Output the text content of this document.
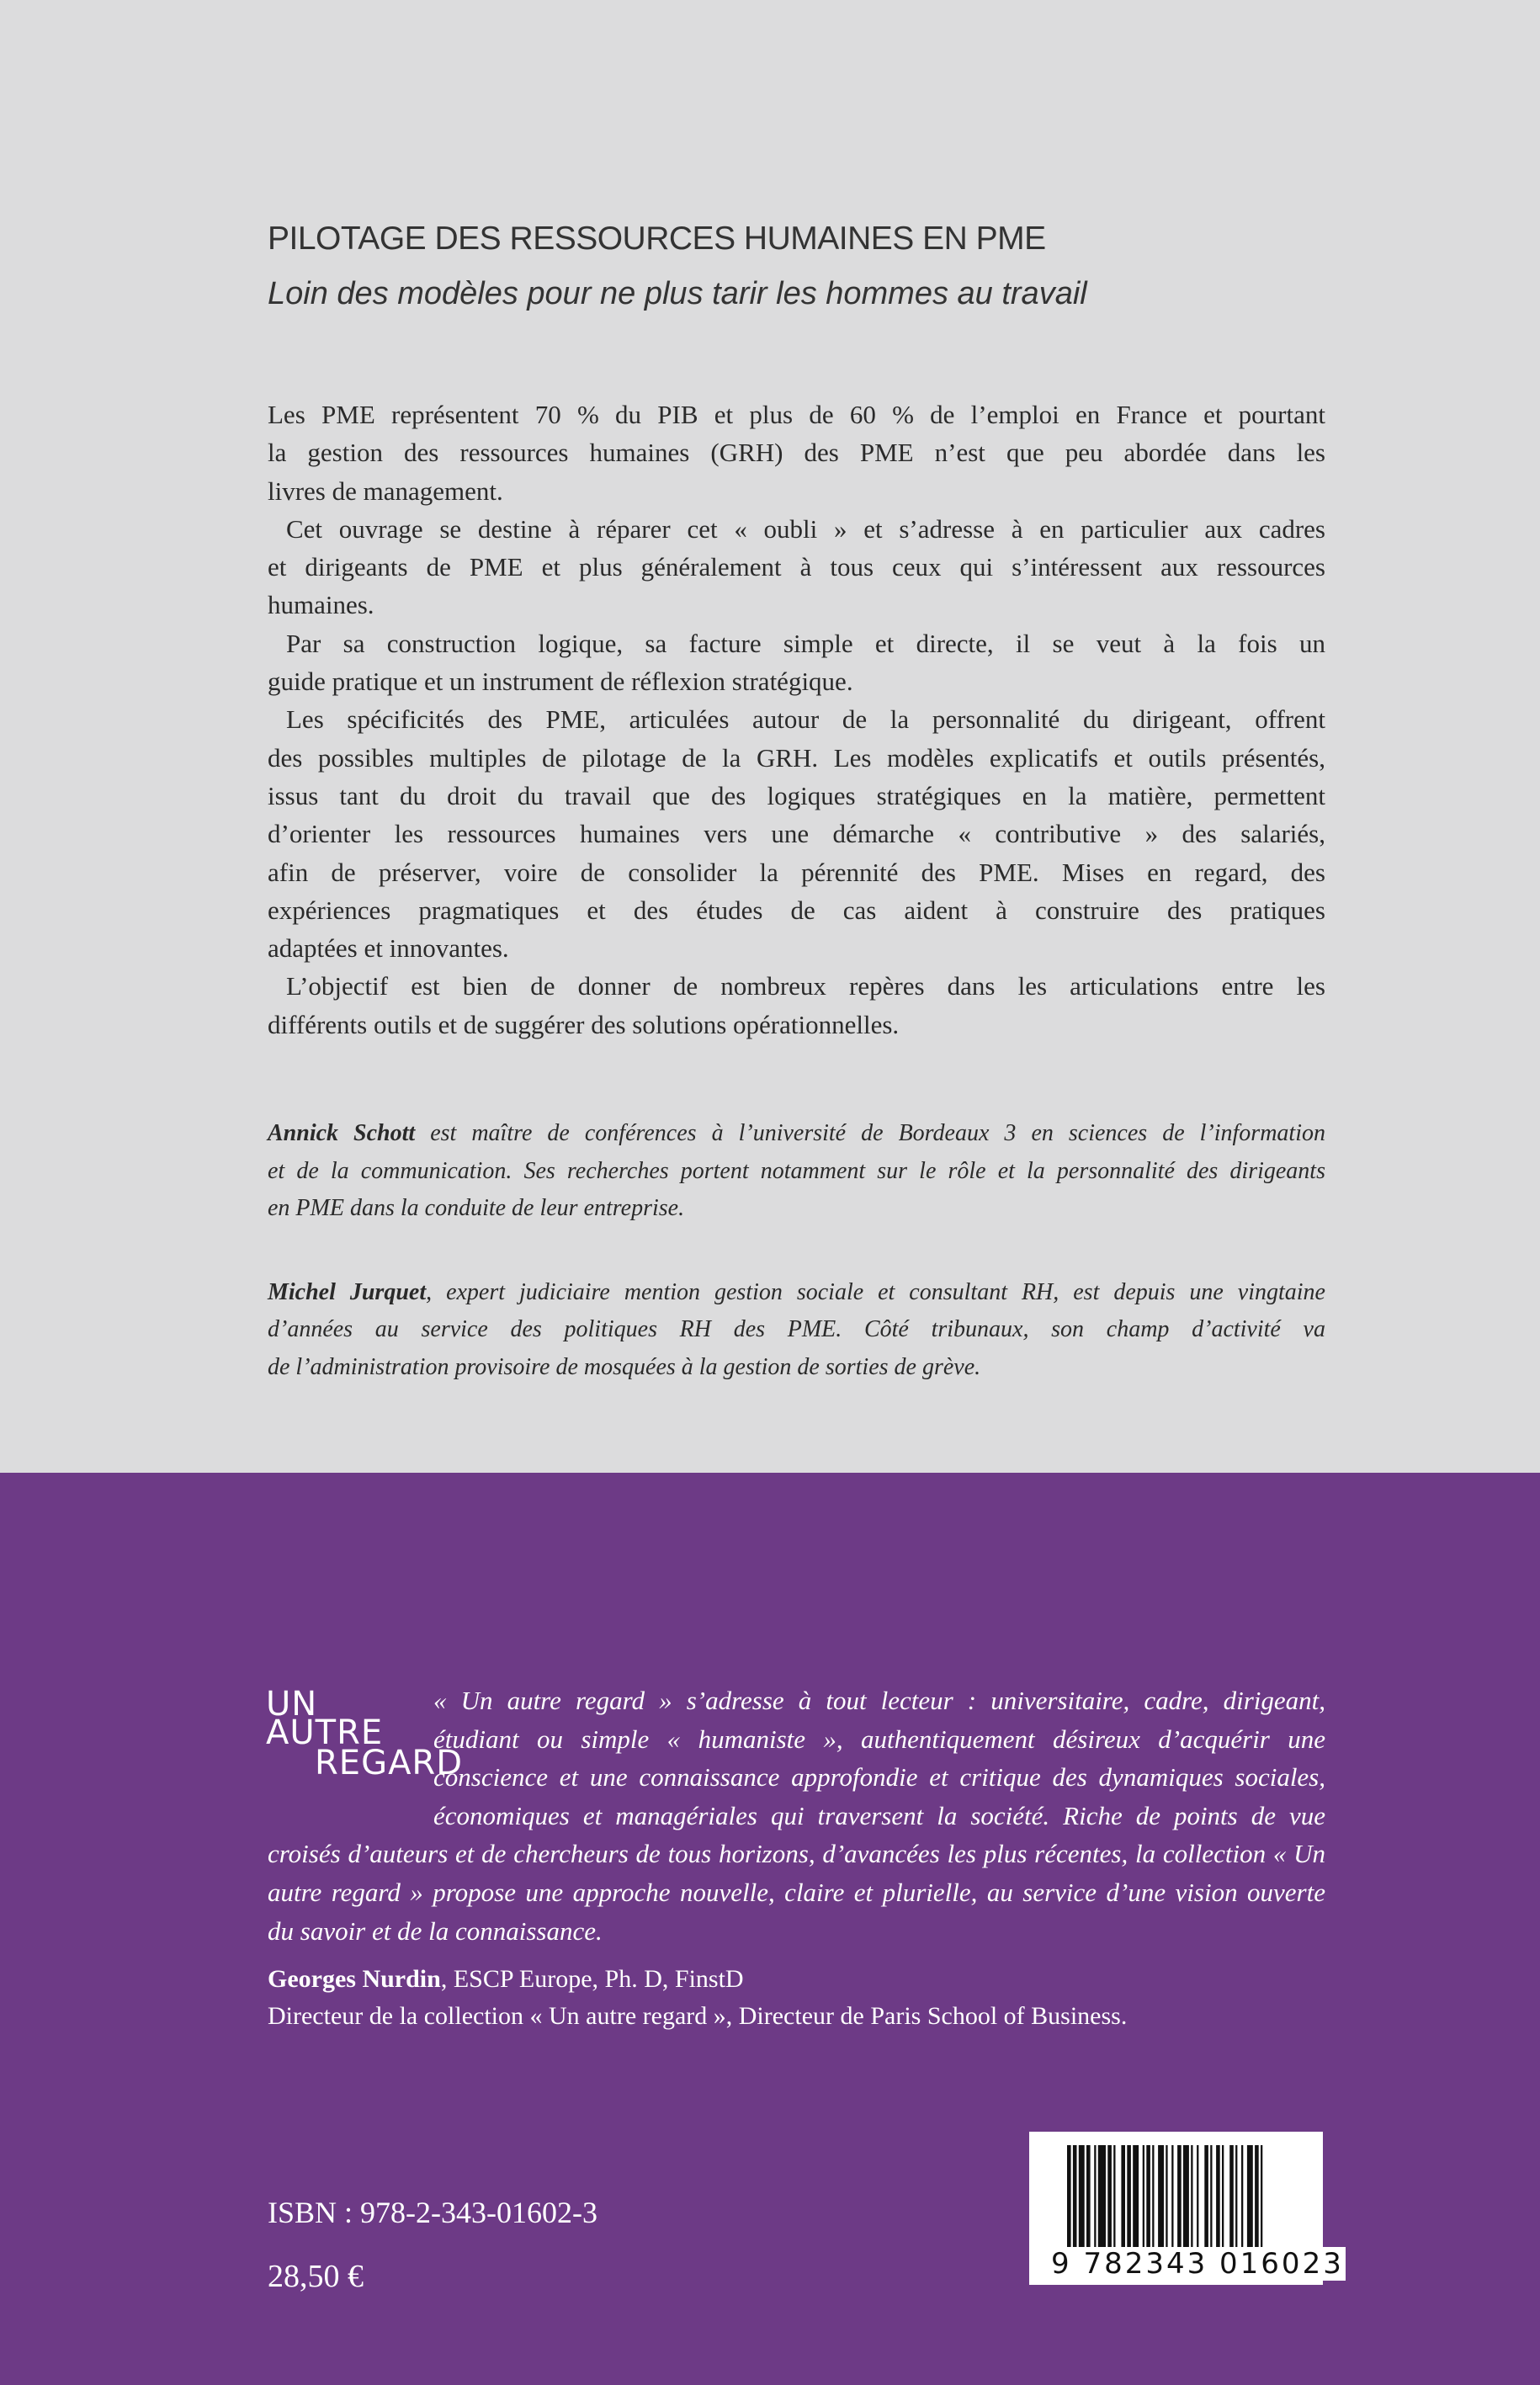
PILOTAGE DES RESSOURCES HUMAINES EN PME
Loin des modèles pour ne plus tarir les hommes au travail
Les PME représentent 70 % du PIB et plus de 60 % de l’emploi en France et pourtant
la gestion des ressources humaines (GRH) des PME n’est que peu abordée dans les
livres de management.
Cet ouvrage se destine à réparer cet « oubli » et s’adresse à en particulier aux cadres
et dirigeants de PME et plus généralement à tous ceux qui s’intéressent aux ressources
humaines.
Par sa construction logique, sa facture simple et directe, il se veut à la fois un
guide pratique et un instrument de réflexion stratégique.
Les spécificités des PME, articulées autour de la personnalité du dirigeant, offrent
des possibles multiples de pilotage de la GRH. Les modèles explicatifs et outils présentés,
issus tant du droit du travail que des logiques stratégiques en la matière, permettent
d’orienter les ressources humaines vers une démarche « contributive » des salariés,
afin de préserver, voire de consolider la pérennité des PME. Mises en regard, des
expériences pragmatiques et des études de cas aident à construire des pratiques
adaptées et innovantes.
L’objectif est bien de donner de nombreux repères dans les articulations entre les
différents outils et de suggérer des solutions opérationnelles.
Annick Schott est maître de conférences à l’université de Bordeaux 3 en sciences de l’information
et de la communication. Ses recherches portent notamment sur le rôle et la personnalité des dirigeants
en PME dans la conduite de leur entreprise.
Michel Jurquet, expert judiciaire mention gestion sociale et consultant RH, est depuis une vingtaine
d’années au service des politiques RH des PME. Côté tribunaux, son champ d’activité va
de l’administration provisoire de mosquées à la gestion de sorties de grève.
UN
AUTRE
REGARD
« Un autre regard » s’adresse à tout lecteur : universitaire, cadre, dirigeant,
étudiant ou simple « humaniste », authentiquement désireux d’acquérir une
conscience et une connaissance approfondie et critique des dynamiques sociales,
économiques et managériales qui traversent la société. Riche de points de vue
croisés d’auteurs et de chercheurs de tous horizons, d’avancées les plus récentes, la collection « Un
autre regard » propose une approche nouvelle, claire et plurielle, au service d’une vision ouverte
du savoir et de la connaissance.
Georges Nurdin, ESCP Europe, Ph. D, FinstD
Directeur de la collection « Un autre regard », Directeur de Paris School of Business.
ISBN : 978-2-343-01602-3
28,50 €	9 782343 016023
